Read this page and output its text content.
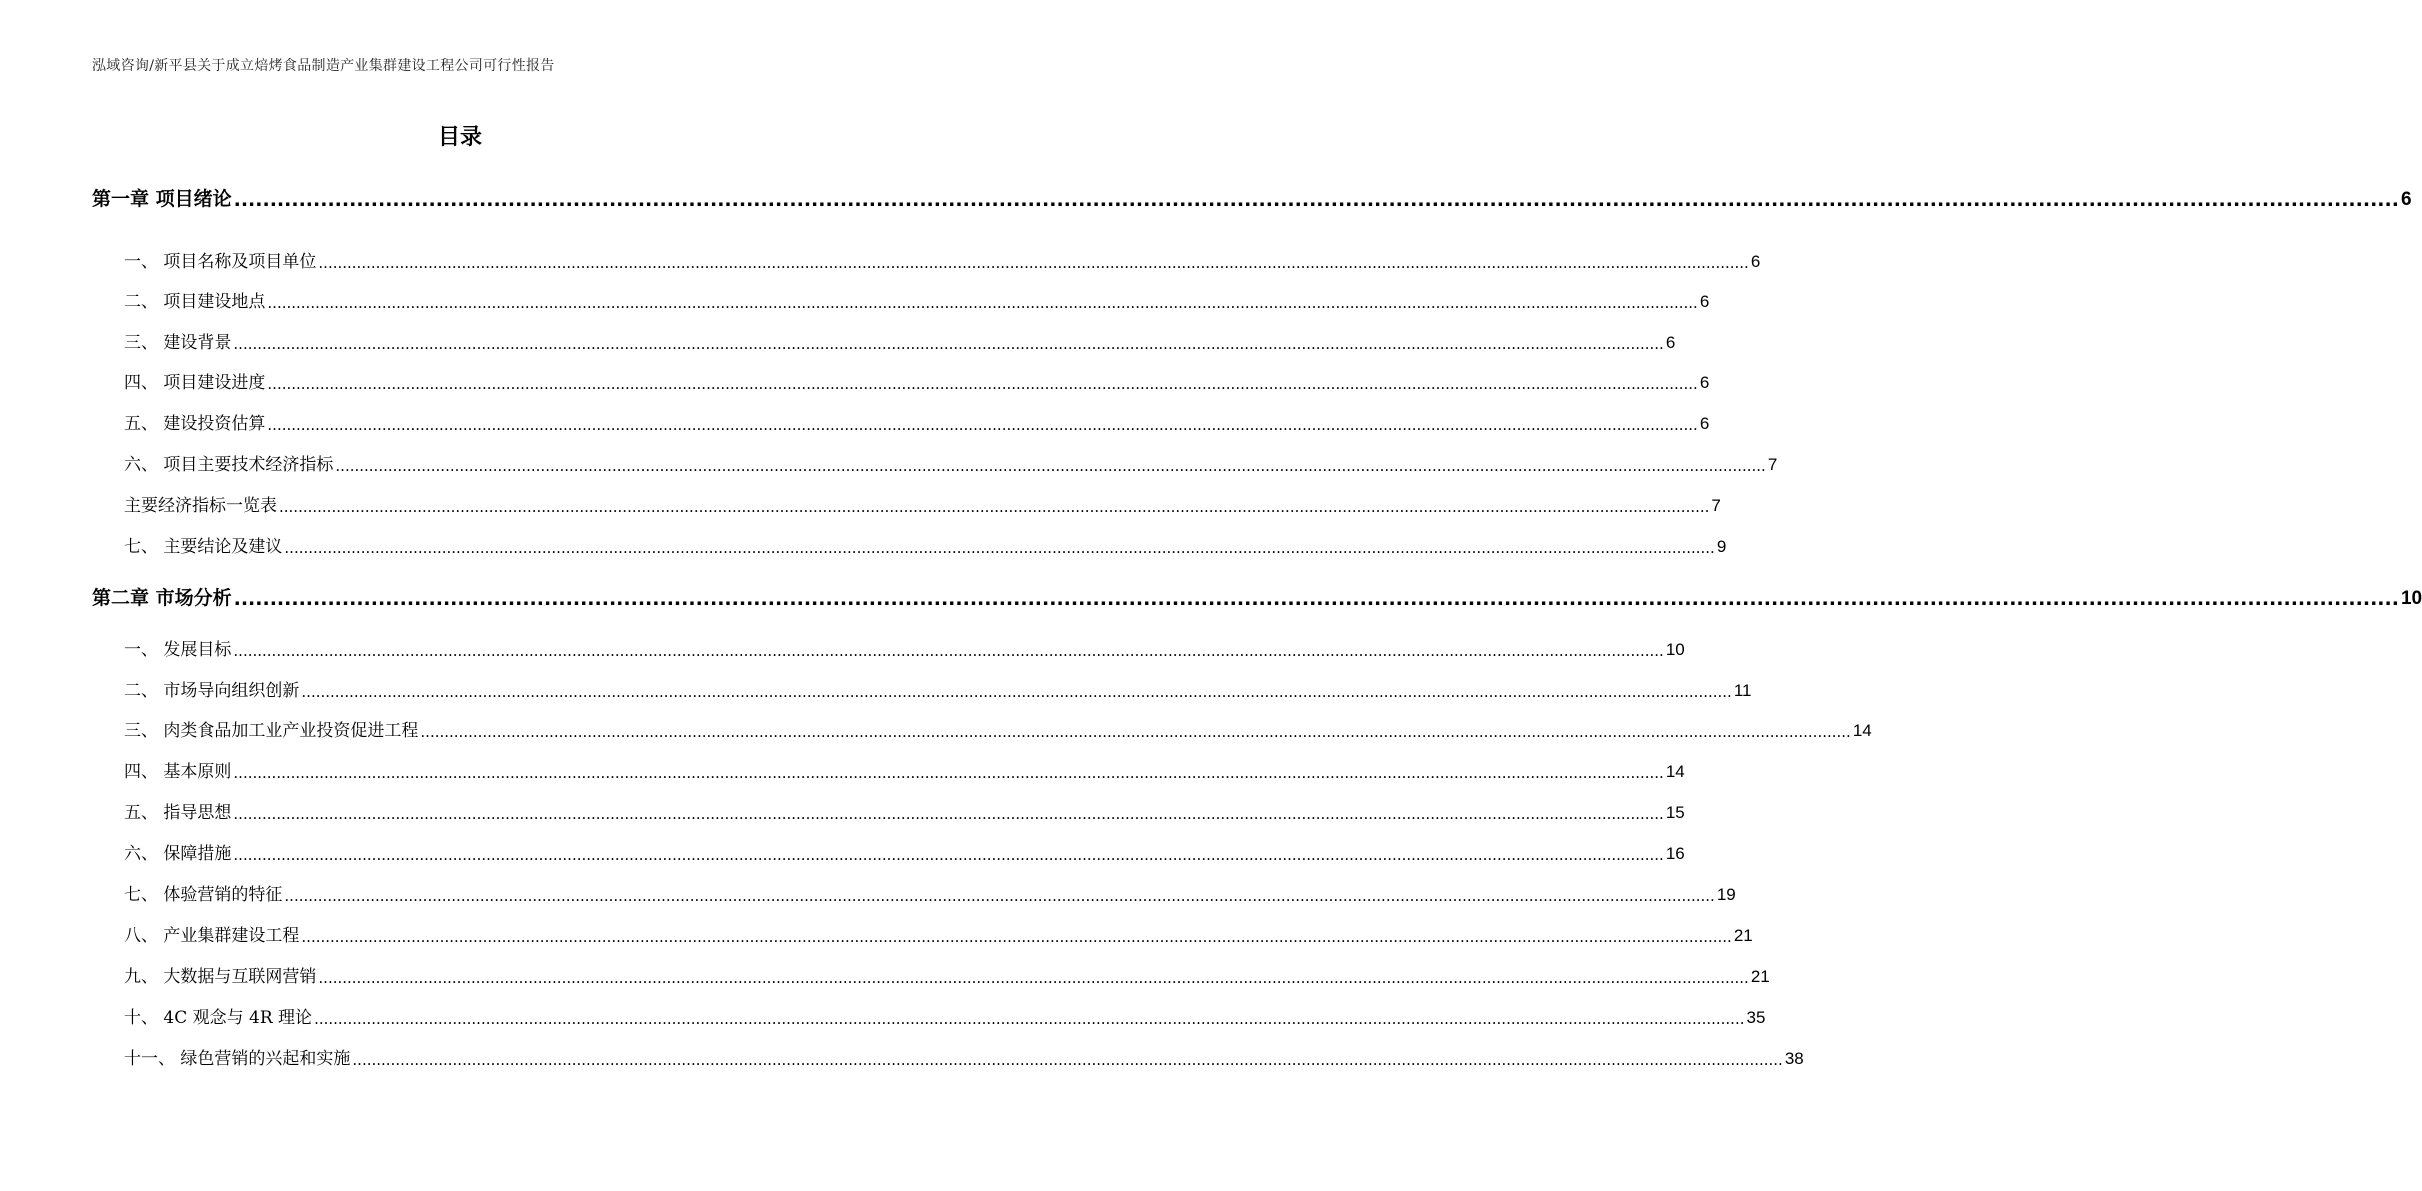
泓域咨询/新平县关于成立焙烤食品制造产业集群建设工程公司可行性报告
目录
第一章 项目绪论 ............................................................................................................................................................................................................................................................................................................ 6
一、 项目名称及项目单位 ............................................................................................................................................................................................................................................................................................................ 6
二、 项目建设地点 ............................................................................................................................................................................................................................................................................................................ 6
三、 建设背景 ............................................................................................................................................................................................................................................................................................................ 6
四、 项目建设进度 ............................................................................................................................................................................................................................................................................................................ 6
五、 建设投资估算 ............................................................................................................................................................................................................................................................................................................ 6
六、 项目主要技术经济指标 ............................................................................................................................................................................................................................................................................................................ 7
主要经济指标一览表 ............................................................................................................................................................................................................................................................................................................ 7
七、 主要结论及建议 ............................................................................................................................................................................................................................................................................................................ 9
第二章 市场分析 ............................................................................................................................................................................................................................................................................................................ 10
一、 发展目标 ............................................................................................................................................................................................................................................................................................................ 10
二、 市场导向组织创新 ............................................................................................................................................................................................................................................................................................................ 11
三、 肉类食品加工业产业投资促进工程 ............................................................................................................................................................................................................................................................................................................ 14
四、 基本原则 ............................................................................................................................................................................................................................................................................................................ 14
五、 指导思想 ............................................................................................................................................................................................................................................................................................................ 15
六、 保障措施 ............................................................................................................................................................................................................................................................................................................ 16
七、 体验营销的特征 ............................................................................................................................................................................................................................................................................................................ 19
八、 产业集群建设工程 ............................................................................................................................................................................................................................................................................................................ 21
九、 大数据与互联网营销 ............................................................................................................................................................................................................................................................................................................ 21
十、 4C 观念与 4R 理论 ............................................................................................................................................................................................................................................................................................................ 35
十一、 绿色营销的兴起和实施 ............................................................................................................................................................................................................................................................................................................ 38
